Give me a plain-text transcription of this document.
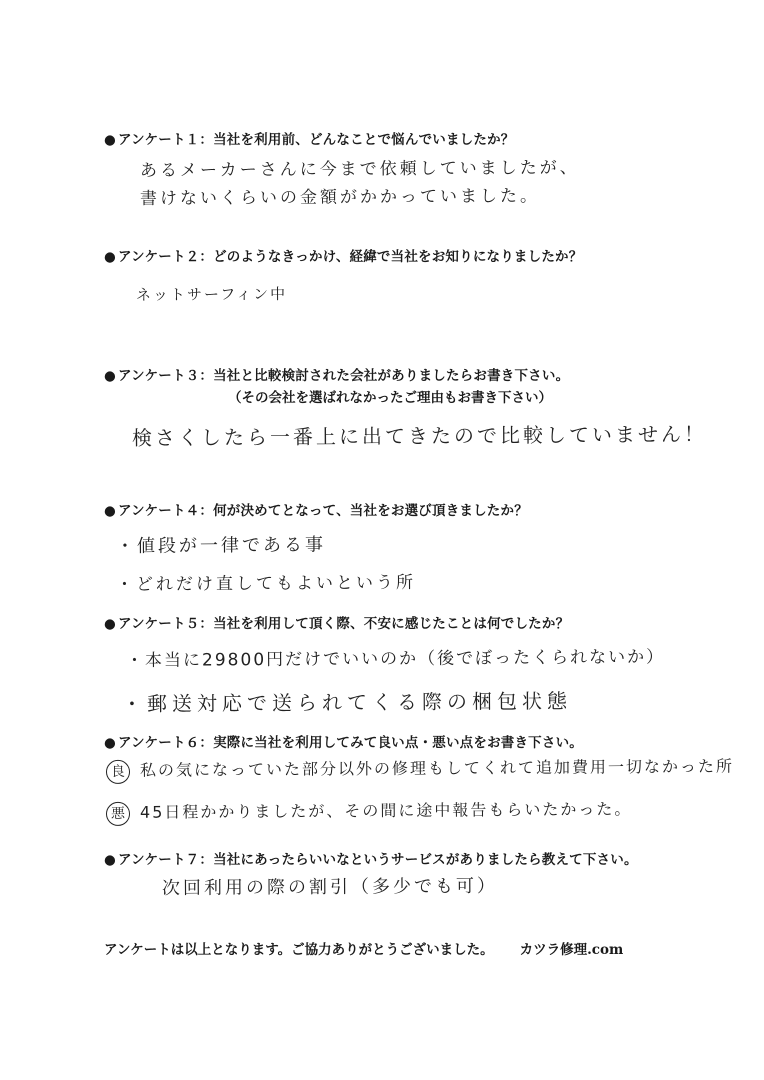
● アンケート１：当社を利用前、どんなことで悩んでいましたか？
あるメーカーさんに今まで依頼していましたが、
書けないくらいの金額がかかっていました。
● アンケート２：どのようなきっかけ、経緯で当社をお知りになりましたか？
ネットサーフィン中
● アンケート３：当社と比較検討された会社がありましたらお書き下さい。
（その会社を選ばれなかったご理由もお書き下さい）
検さくしたら一番上に出てきたので比較していません！
● アンケート４：何が決めてとなって、当社をお選び頂きましたか？
・値段が一律である事
・どれだけ直してもよいという所
● アンケート５：当社を利用して頂く際、不安に感じたことは何でしたか？
・本当に29800円だけでいいのか（後でぼったくられないか）
・郵送対応で送られてくる際の梱包状態
● アンケート６：実際に当社を利用してみて良い点・悪い点をお書き下さい。
良 私の気になっていた部分以外の修理もしてくれて追加費用一切なかった所
悪 45日程かかりましたが、その間に途中報告もらいたかった。
● アンケート７：当社にあったらいいなというサービスがありましたら教えて下さい。
次回利用の際の割引（多少でも可）
アンケートは以上となります。ご協力ありがとうございました。 カツラ修理.com
